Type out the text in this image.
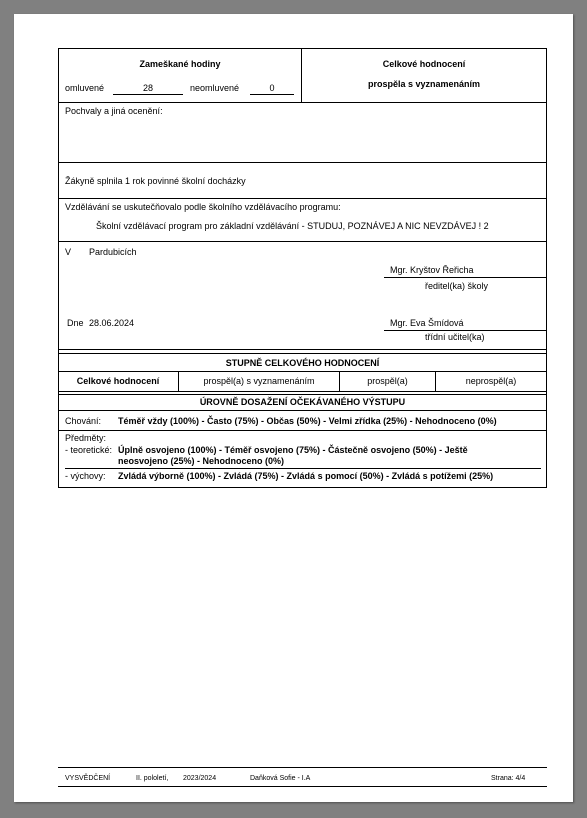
Zameškané hodiny
omluvené	28	neomluvené	0
Celkové hodnocení
prospěla s vyznamenáním
Pochvaly a jiná ocenění:
Žákyně splnila 1 rok povinné školní docházky
Vzdělávání se uskutečňovalo podle školního vzdělávacího programu:
Školní vzdělávací program pro základní vzdělávání - STUDUJ, POZNÁVEJ A NIC NEVZDÁVEJ ! 2
V Pardubicích
Mgr. Kryštov Řeřicha
ředitel(ka) školy
Dne 28.06.2024	Mgr. Eva Šmídová
třídní učitel(ka)
STUPNĚ CELKOVÉHO HODNOCENÍ
Celkové hodnocení	prospěl(a) s vyznamenáním	prospěl(a)	neprospěl(a)
ÚROVNĚ DOSAŽENÍ OČEKÁVANÉHO VÝSTUPU
Chování: Téměř vždy (100%) - Často (75%) - Občas (50%) - Velmi zřídka (25%) - Nehodnoceno (0%)
Předměty:
- teoretické: Úplně osvojeno (100%) - Téměř osvojeno (75%) - Částečně osvojeno (50%) - Ještě
neosvojeno (25%) - Nehodnoceno (0%)
- výchovy: Zvládá výborně (100%) - Zvládá (75%) - Zvládá s pomocí (50%) - Zvládá s potížemi (25%)
VYSVĚDČENÍ	II. pololetí, 2023/2024	Daňková Sofie - I.A	Strana: 4/4
